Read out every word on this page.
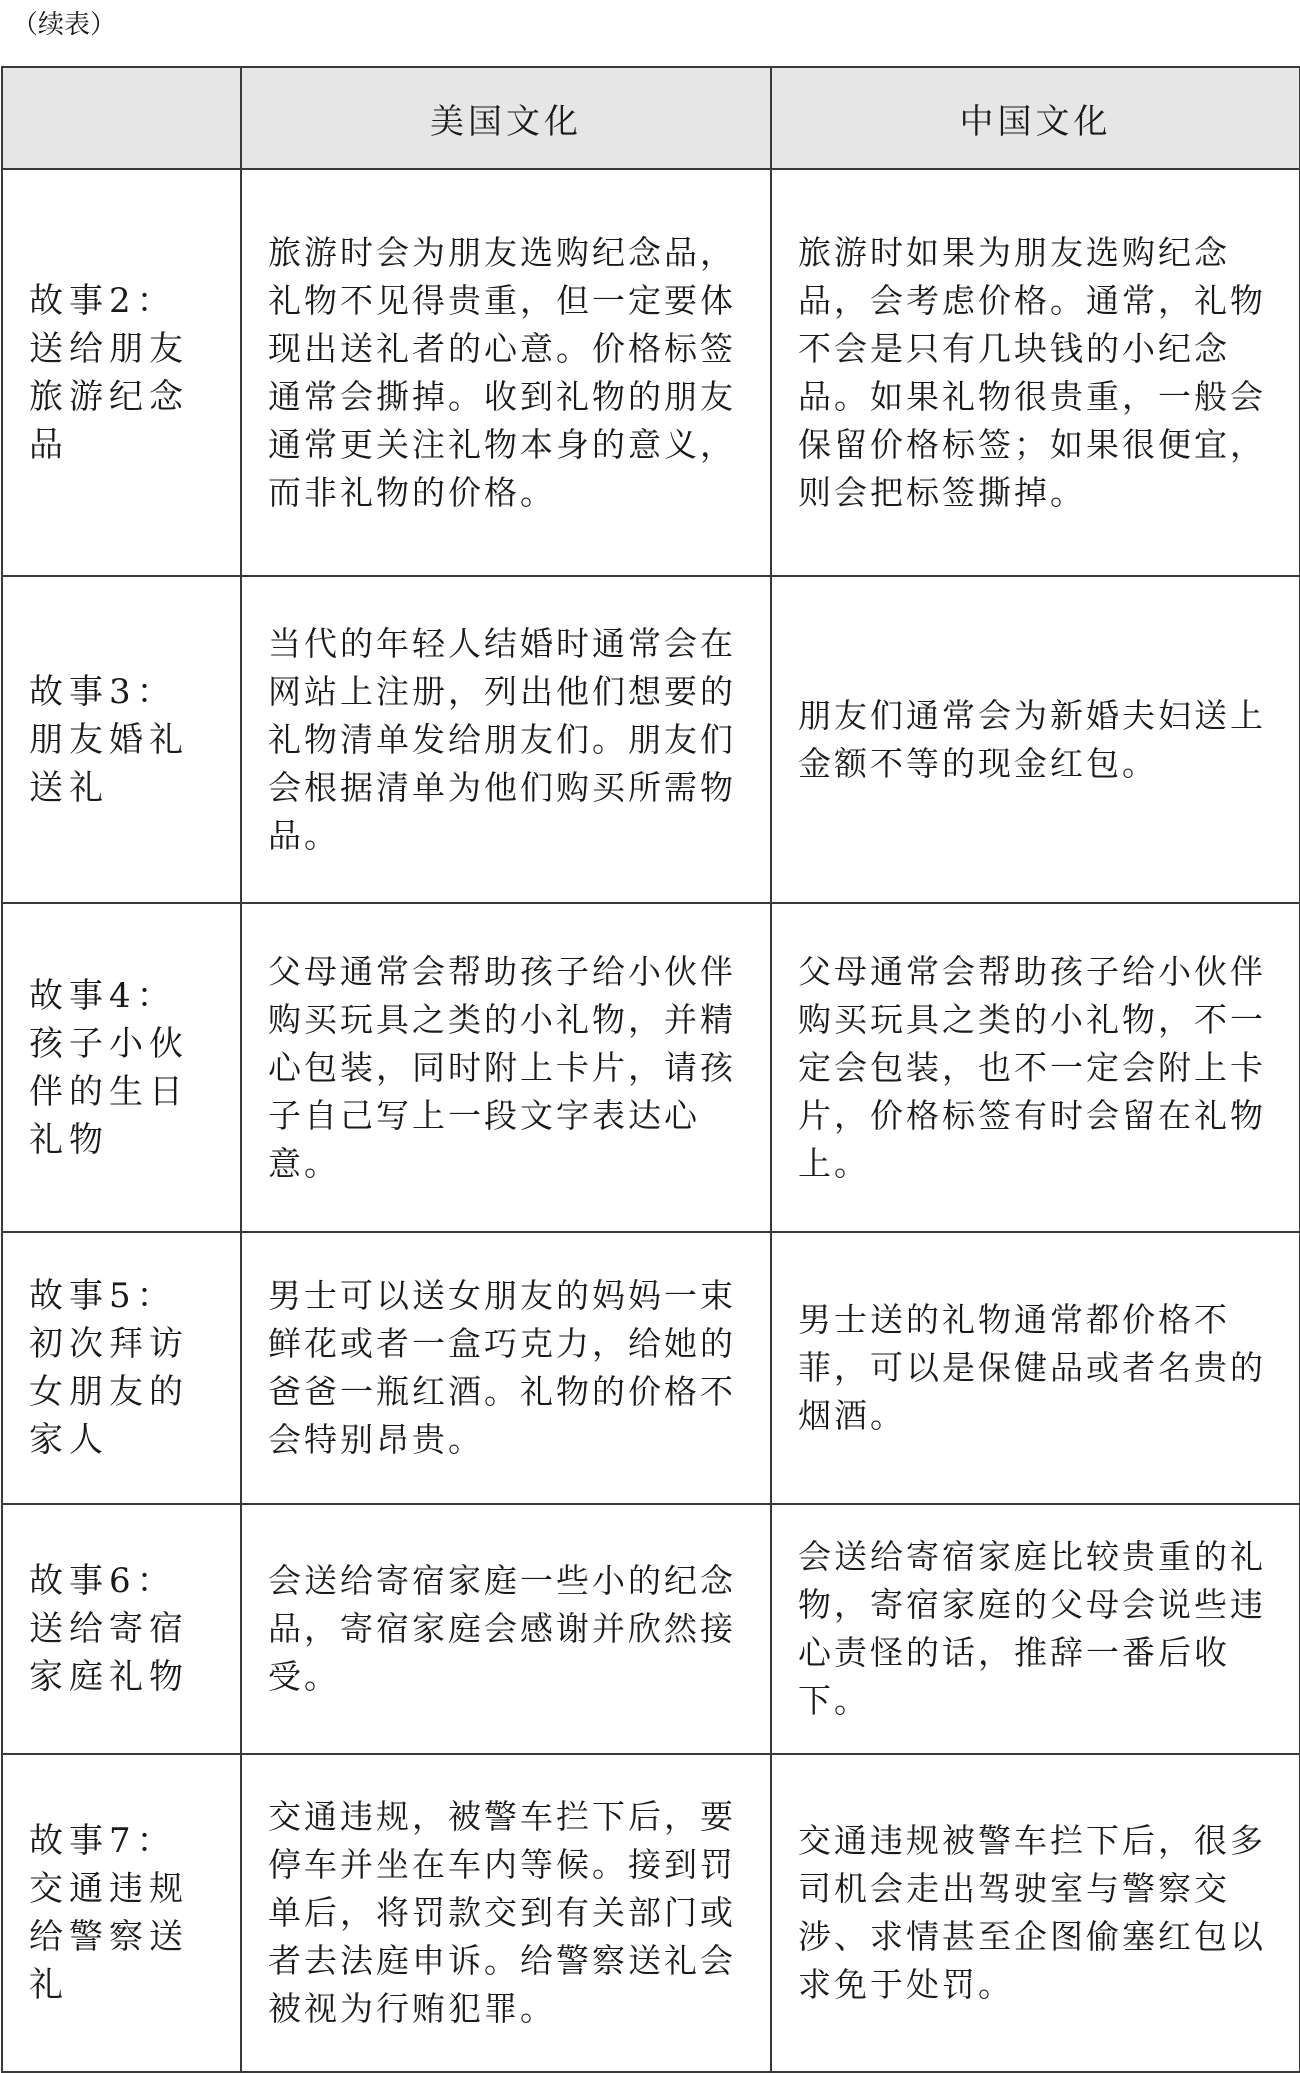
（续表）
	美国文化	中国文化

故事2：
送给朋友
旅游纪念
品	旅游时会为朋友选购纪念品，礼物不见得贵重，但一定要体现出送礼者的心意。价格标签通常会撕掉。收到礼物的朋友通常更关注礼物本身的意义，而非礼物的价格。	旅游时如果为朋友选购纪念品，会考虑价格。通常，礼物不会是只有几块钱的小纪念品。如果礼物很贵重，一般会保留价格标签；如果很便宜，则会把标签撕掉。

故事3：
朋友婚礼
送礼	当代的年轻人结婚时通常会在网站上注册，列出他们想要的礼物清单发给朋友们。朋友们会根据清单为他们购买所需物品。	朋友们通常会为新婚夫妇送上金额不等的现金红包。

故事4：
孩子小伙
伴的生日
礼物	父母通常会帮助孩子给小伙伴购买玩具之类的小礼物，并精心包装，同时附上卡片，请孩子自己写上一段文字表达心意。	父母通常会帮助孩子给小伙伴购买玩具之类的小礼物，不一定会包装，也不一定会附上卡片，价格标签有时会留在礼物上。

故事5：
初次拜访
女朋友的
家人	男士可以送女朋友的妈妈一束鲜花或者一盒巧克力，给她的爸爸一瓶红酒。礼物的价格不会特别昂贵。	男士送的礼物通常都价格不菲，可以是保健品或者名贵的烟酒。

故事6：
送给寄宿
家庭礼物	会送给寄宿家庭一些小的纪念品，寄宿家庭会感谢并欣然接受。	会送给寄宿家庭比较贵重的礼物，寄宿家庭的父母会说些违心责怪的话，推辞一番后收下。

故事7：
交通违规
给警察送
礼	交通违规，被警车拦下后，要停车并坐在车内等候。接到罚单后，将罚款交到有关部门或者去法庭申诉。给警察送礼会被视为行贿犯罪。	交通违规被警车拦下后，很多司机会走出驾驶室与警察交涉、求情甚至企图偷塞红包以求免于处罚。
